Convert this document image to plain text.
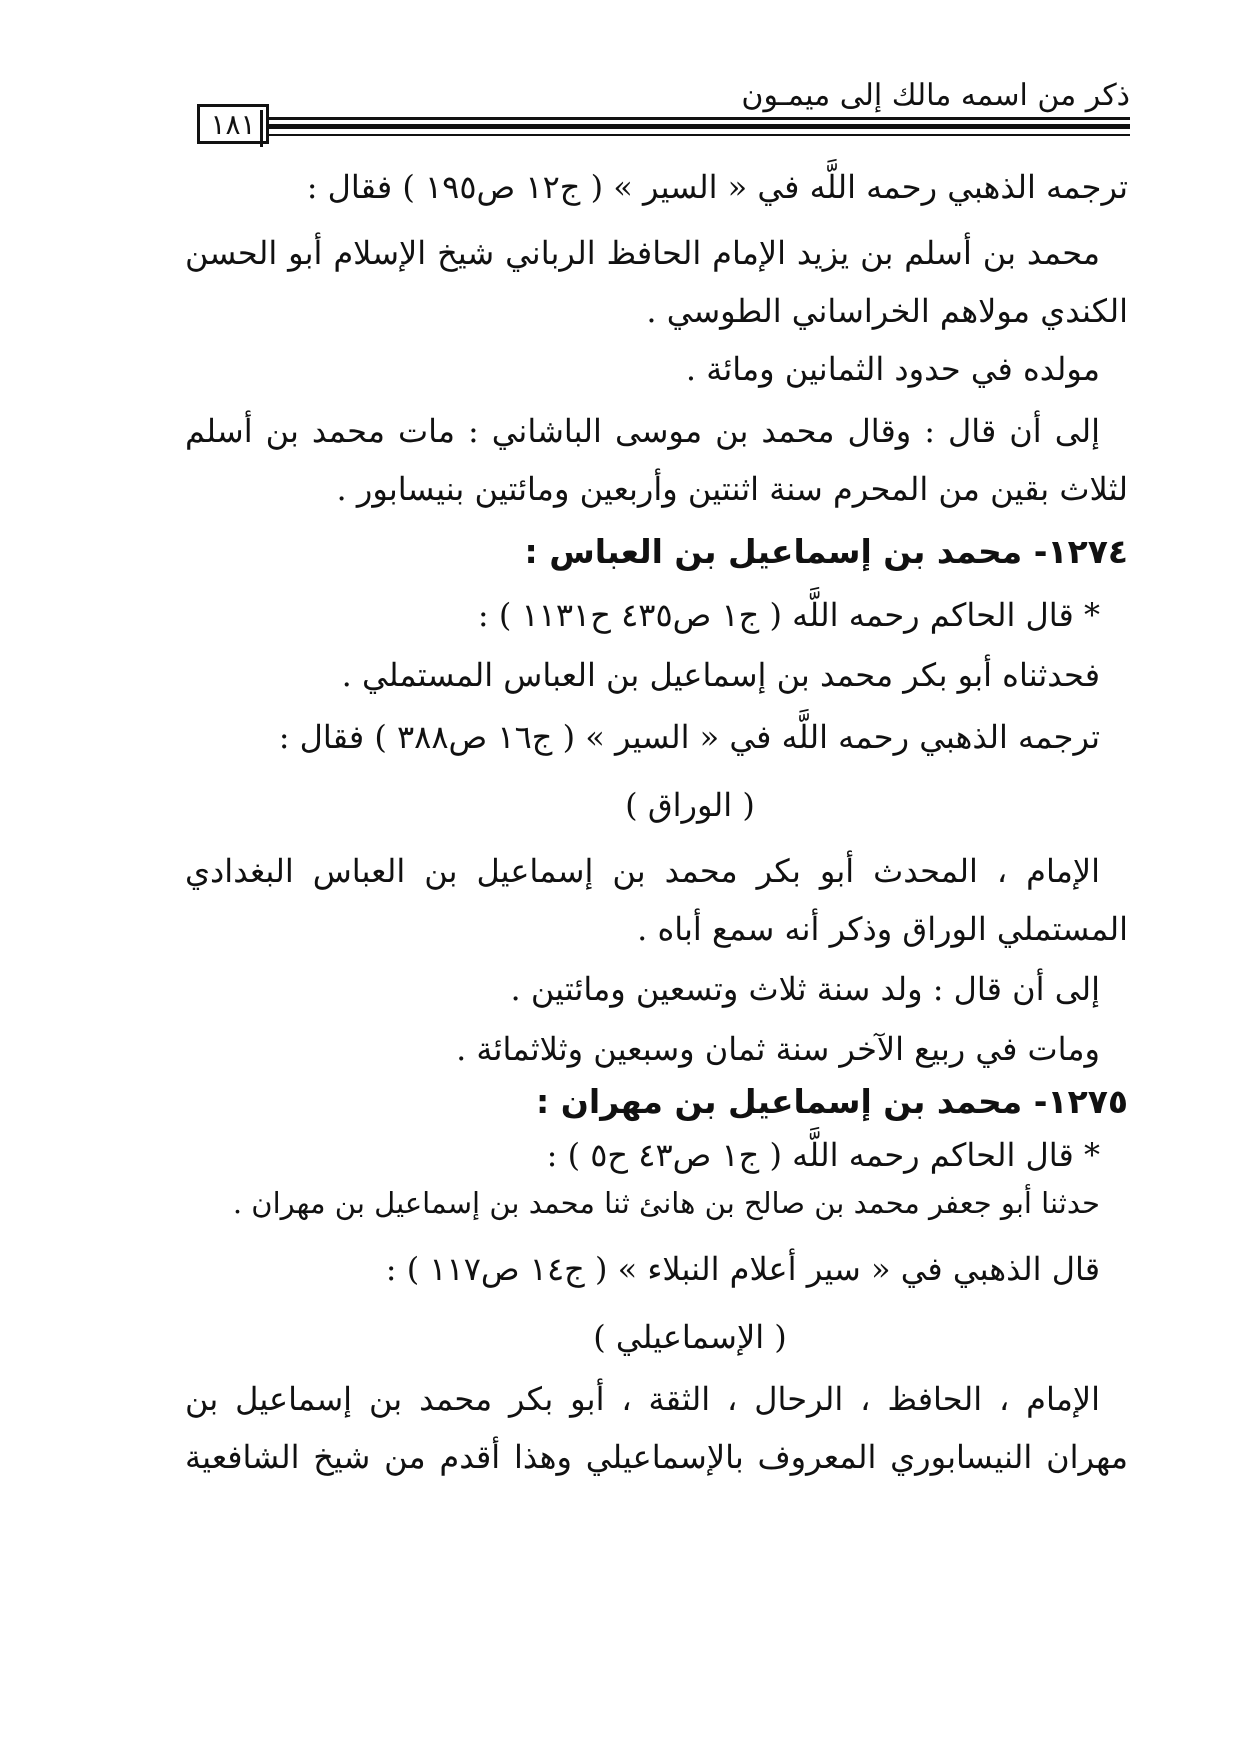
ذكر من اسمه مالك إلى ميمـون
١٨١
ترجمه الذهبي رحمه اللَّه في « السير » ( ج١٢ ص١٩٥ ) فقال :
محمد بن أسلم بن يزيد الإمام الحافظ الرباني شيخ الإسلام أبو الحسن
الكندي مولاهم الخراساني الطوسي .
مولده في حدود الثمانين ومائة .
إلى أن قال : وقال محمد بن موسى الباشاني : مات محمد بن أسلم
لثلاث بقين من المحرم سنة اثنتين وأربعين ومائتين بنيسابور .
١٢٧٤- محمد بن إسماعيل بن العباس :
* قال الحاكم رحمه اللَّه ( ج١ ص٤٣٥ ح١١٣١ ) :
فحدثناه أبو بكر محمد بن إسماعيل بن العباس المستملي .
ترجمه الذهبي رحمه اللَّه في « السير » ( ج١٦ ص٣٨٨ ) فقال :
( الوراق )
الإمام ، المحدث أبو بكر محمد بن إسماعيل بن العباس البغدادي
المستملي الوراق وذكر أنه سمع أباه .
إلى أن قال : ولد سنة ثلاث وتسعين ومائتين .
ومات في ربيع الآخر سنة ثمان وسبعين وثلاثمائة .
١٢٧٥- محمد بن إسماعيل بن مهران :
* قال الحاكم رحمه اللَّه ( ج١ ص٤٣ ح٥ ) :
حدثنا أبو جعفر محمد بن صالح بن هانئ ثنا محمد بن إسماعيل بن مهران .
قال الذهبي في « سير أعلام النبلاء » ( ج١٤ ص١١٧ ) :
( الإسماعيلي )
الإمام ، الحافظ ، الرحال ، الثقة ، أبو بكر محمد بن إسماعيل بن
مهران النيسابوري المعروف بالإسماعيلي وهذا أقدم من شيخ الشافعية
